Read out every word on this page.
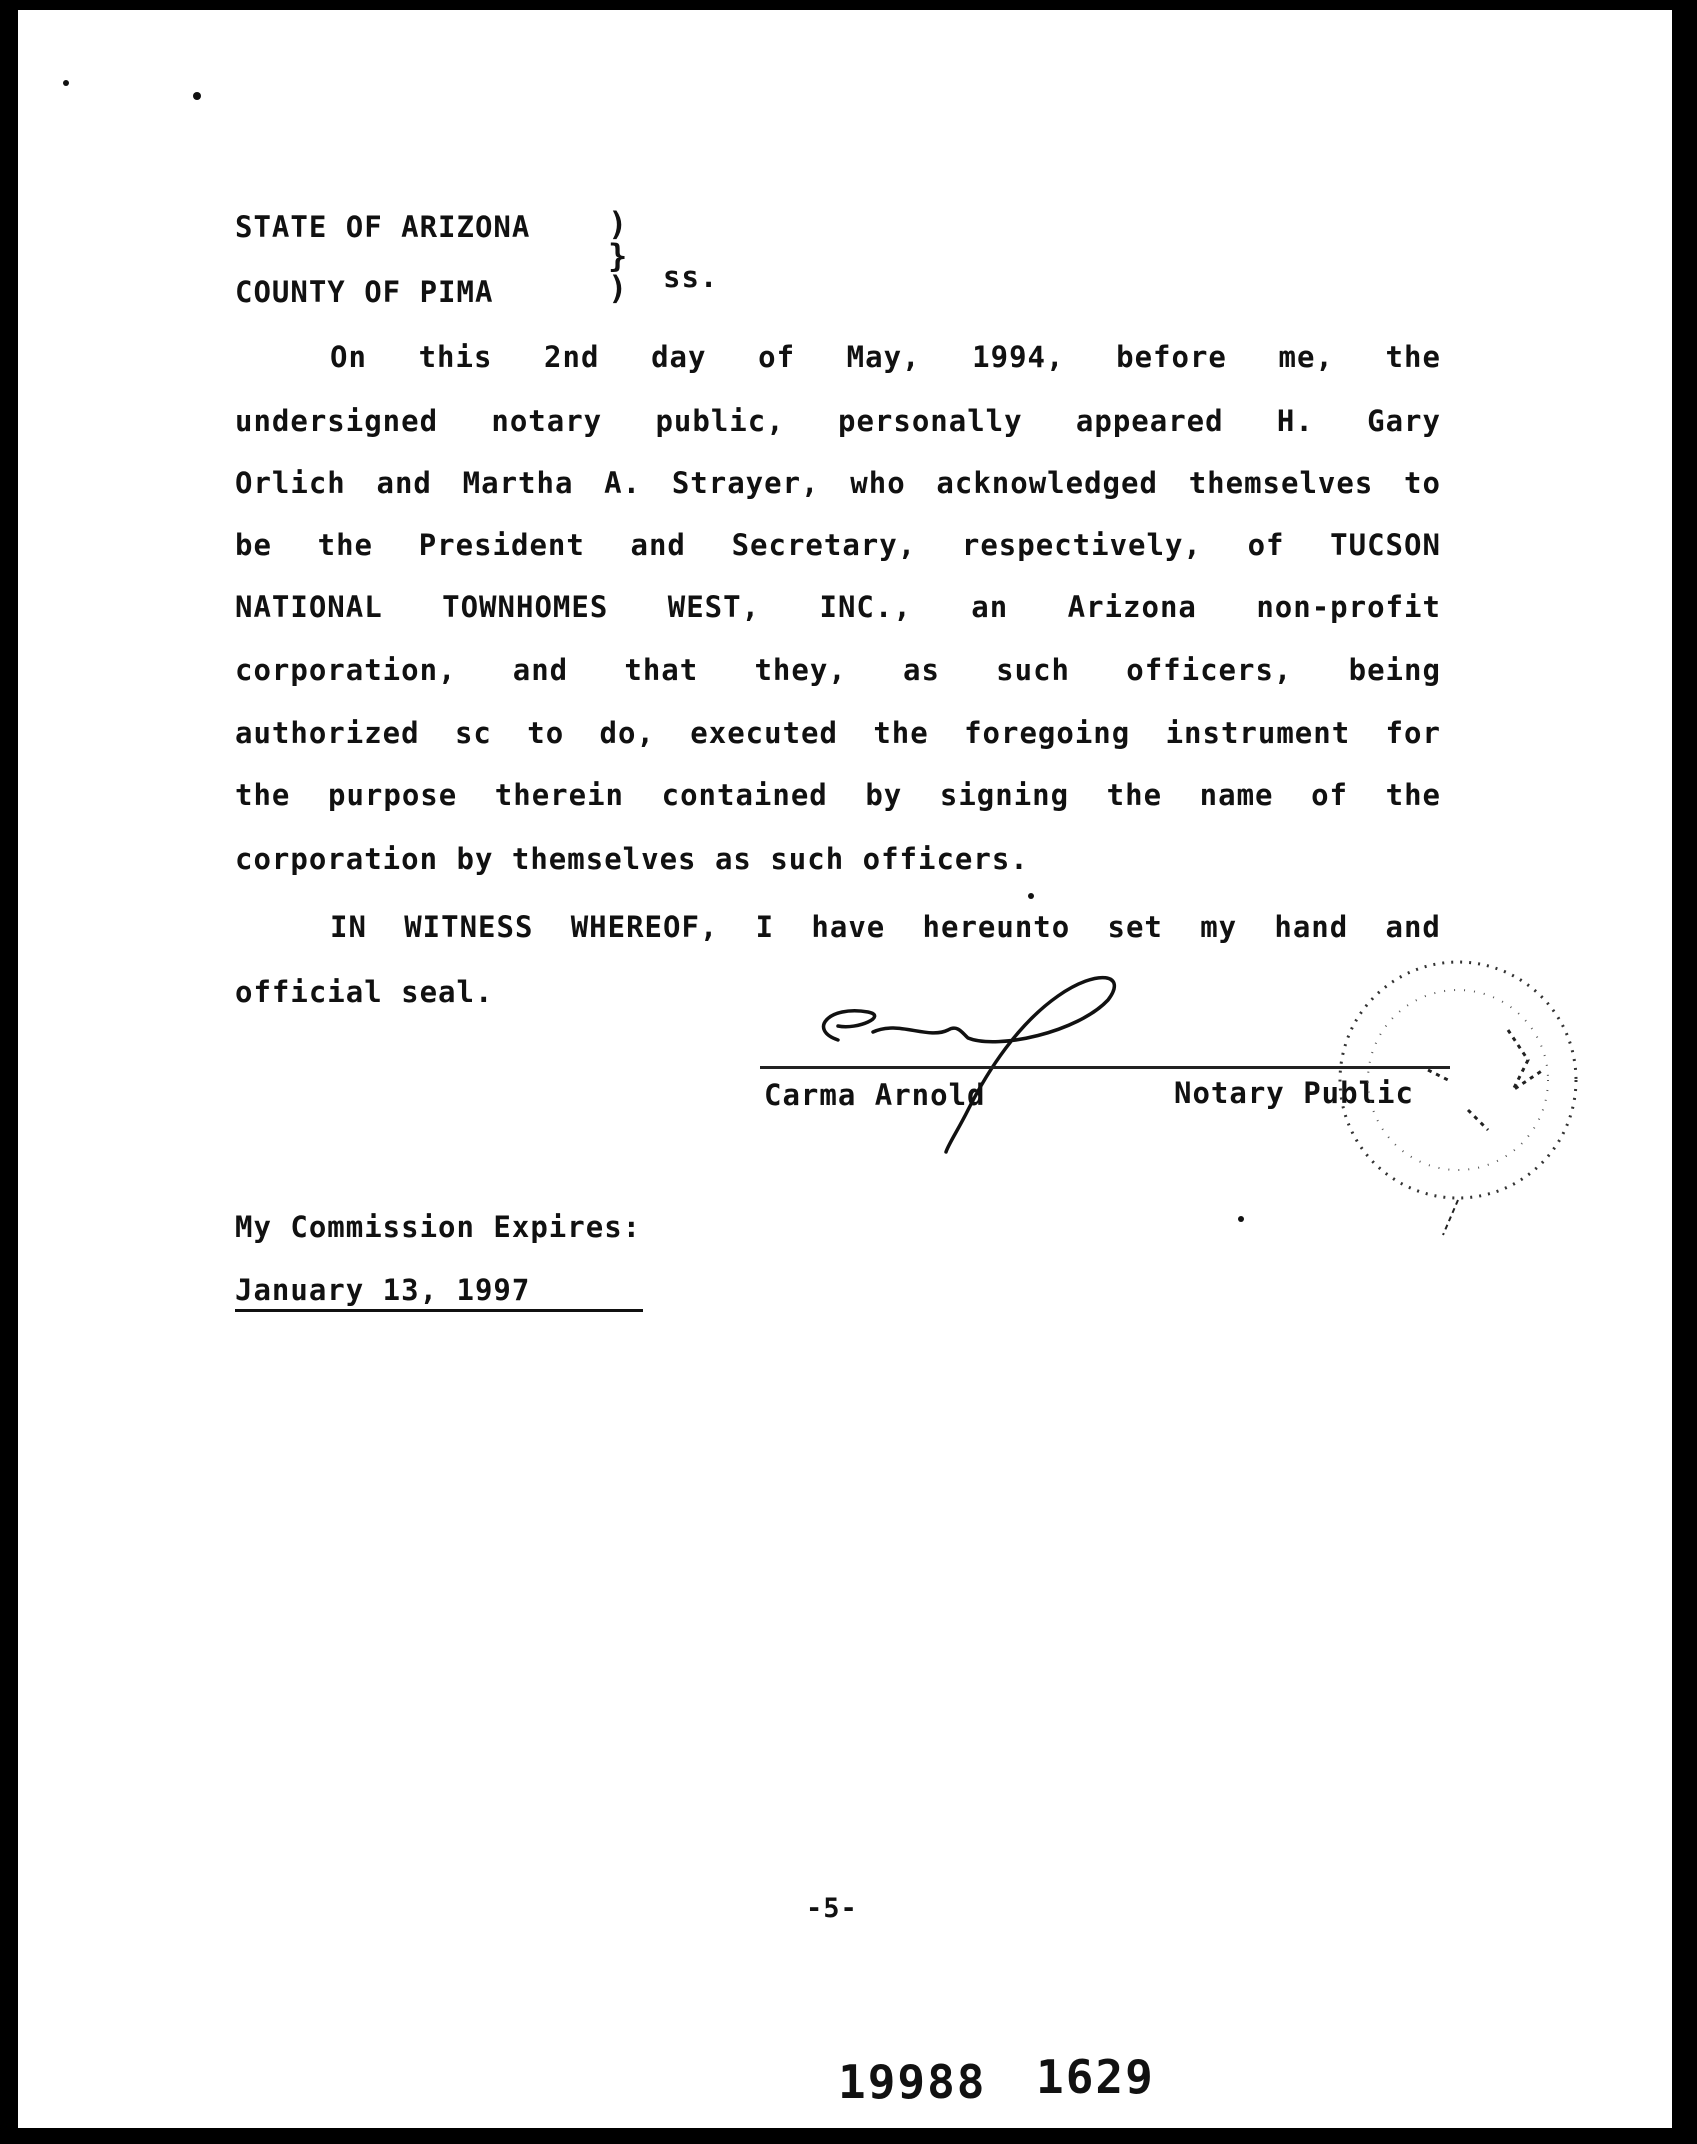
STATE OF ARIZONA
COUNTY OF PIMA
)
}
) ss.
On this 2nd day of May, 1994, before me, the
undersigned notary public, personally appeared H. Gary
Orlich and Martha A. Strayer, who acknowledged themselves to
be the President and Secretary, respectively, of TUCSON
NATIONAL TOWNHOMES WEST, INC., an Arizona non-profit
corporation, and that they, as such officers, being
authorized sc to do, executed the foregoing instrument for
the purpose therein contained by signing the name of the
corporation by themselves as such officers.
IN WITNESS WHEREOF, I have hereunto set my hand and
official seal.
Carma Arnold	Notary Public
My Commission Expires:
January 13, 1997
-5-
19988 1629
